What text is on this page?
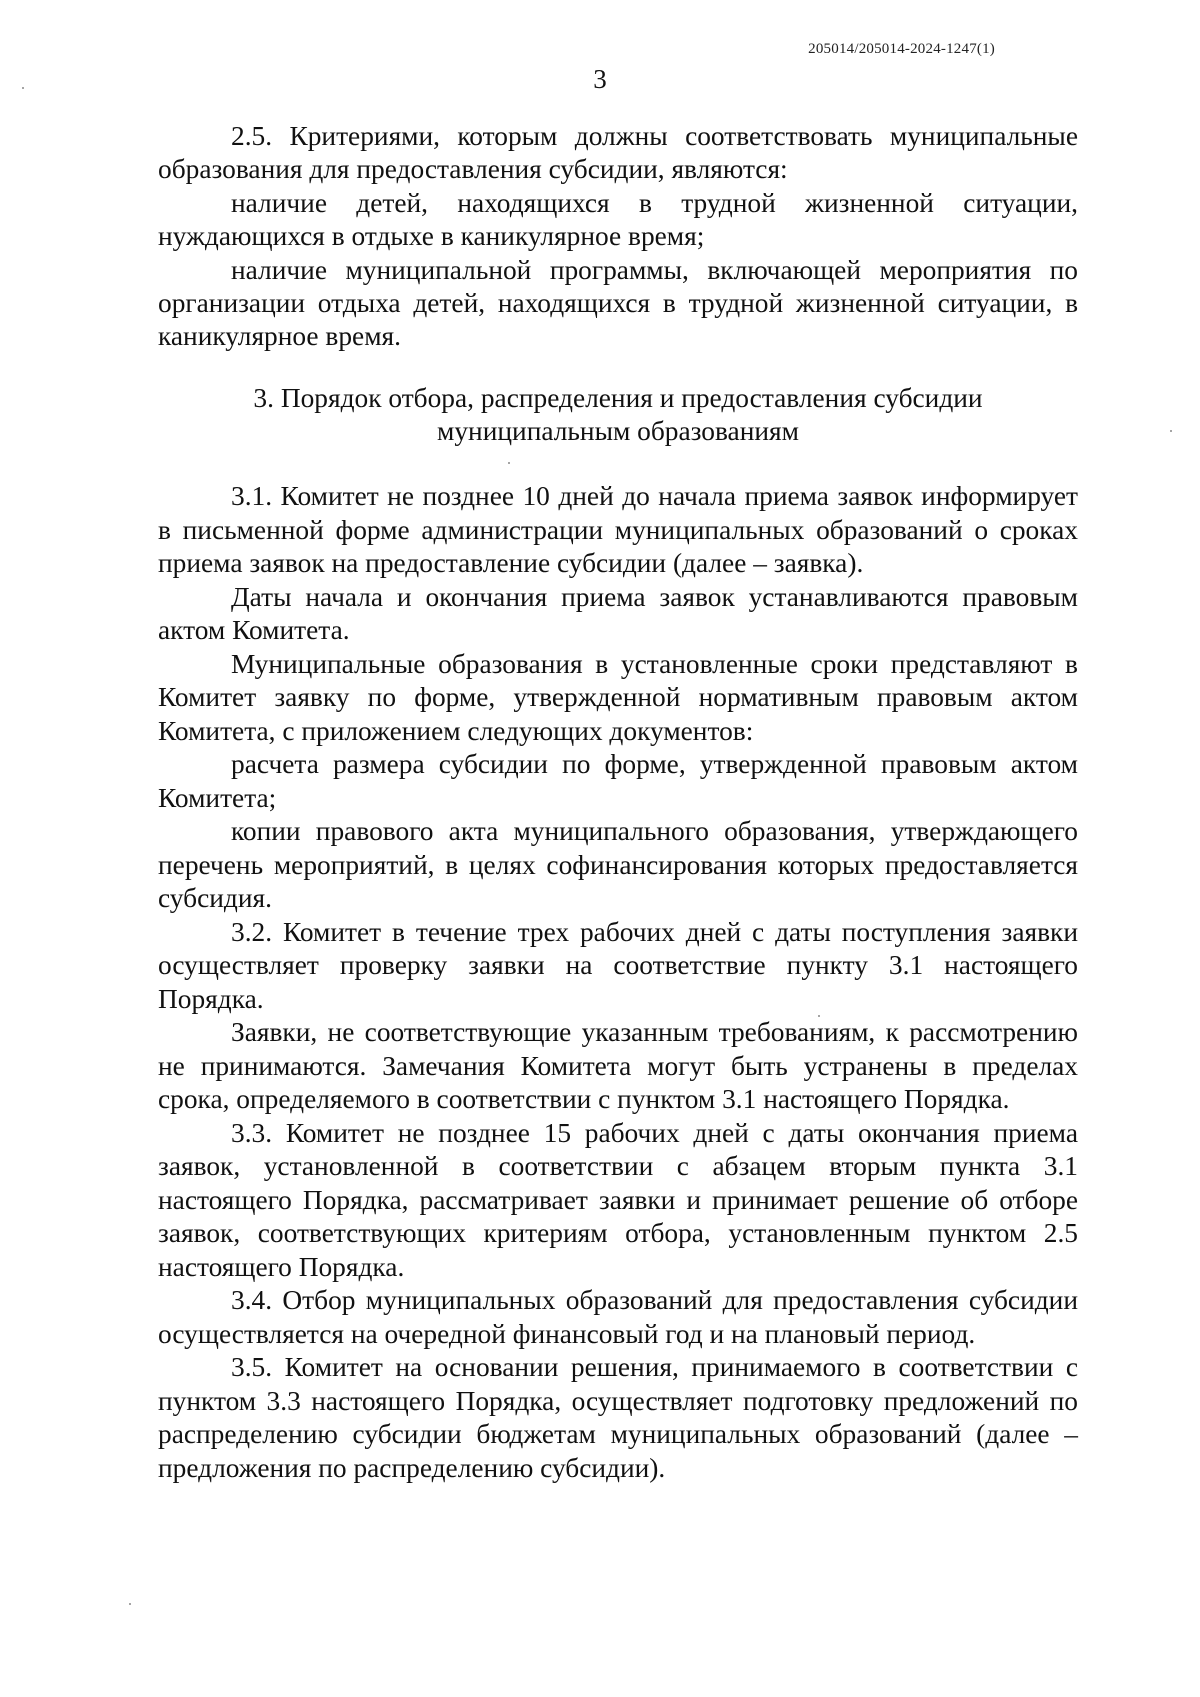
205014/205014-2024-1247(1)
3

2.5. Критериями, которым должны соответствовать муниципальные образования для предоставления субсидии, являются:

наличие детей, находящихся в трудной жизненной ситуации, нуждающихся в отдыхе в каникулярное время;

наличие муниципальной программы, включающей мероприятия по организации отдыха детей, находящихся в трудной жизненной ситуации, в каникулярное время.

3. Порядок отбора, распределения и предоставления субсидии
муниципальным образованиям

3.1. Комитет не позднее 10 дней до начала приема заявок информирует в письменной форме администрации муниципальных образований о сроках приема заявок на предоставление субсидии (далее – заявка).

Даты начала и окончания приема заявок устанавливаются правовым актом Комитета.

Муниципальные образования в установленные сроки представляют в Комитет заявку по форме, утвержденной нормативным правовым актом Комитета, с приложением следующих документов:

расчета размера субсидии по форме, утвержденной правовым актом Комитета;

копии правового акта муниципального образования, утверждающего перечень мероприятий, в целях софинансирования которых предоставляется субсидия.

3.2. Комитет в течение трех рабочих дней с даты поступления заявки осуществляет проверку заявки на соответствие пункту 3.1 настоящего Порядка.

Заявки, не соответствующие указанным требованиям, к рассмотрению не принимаются. Замечания Комитета могут быть устранены в пределах срока, определяемого в соответствии с пунктом 3.1 настоящего Порядка.

3.3. Комитет не позднее 15 рабочих дней с даты окончания приема заявок, установленной в соответствии с абзацем вторым пункта 3.1 настоящего Порядка, рассматривает заявки и принимает решение об отборе заявок, соответствующих критериям отбора, установленным пунктом 2.5 настоящего Порядка.

3.4. Отбор муниципальных образований для предоставления субсидии осуществляется на очередной финансовый год и на плановый период.

3.5. Комитет на основании решения, принимаемого в соответствии с пунктом 3.3 настоящего Порядка, осуществляет подготовку предложений по распределению субсидии бюджетам муниципальных образований (далее – предложения по распределению субсидии).
